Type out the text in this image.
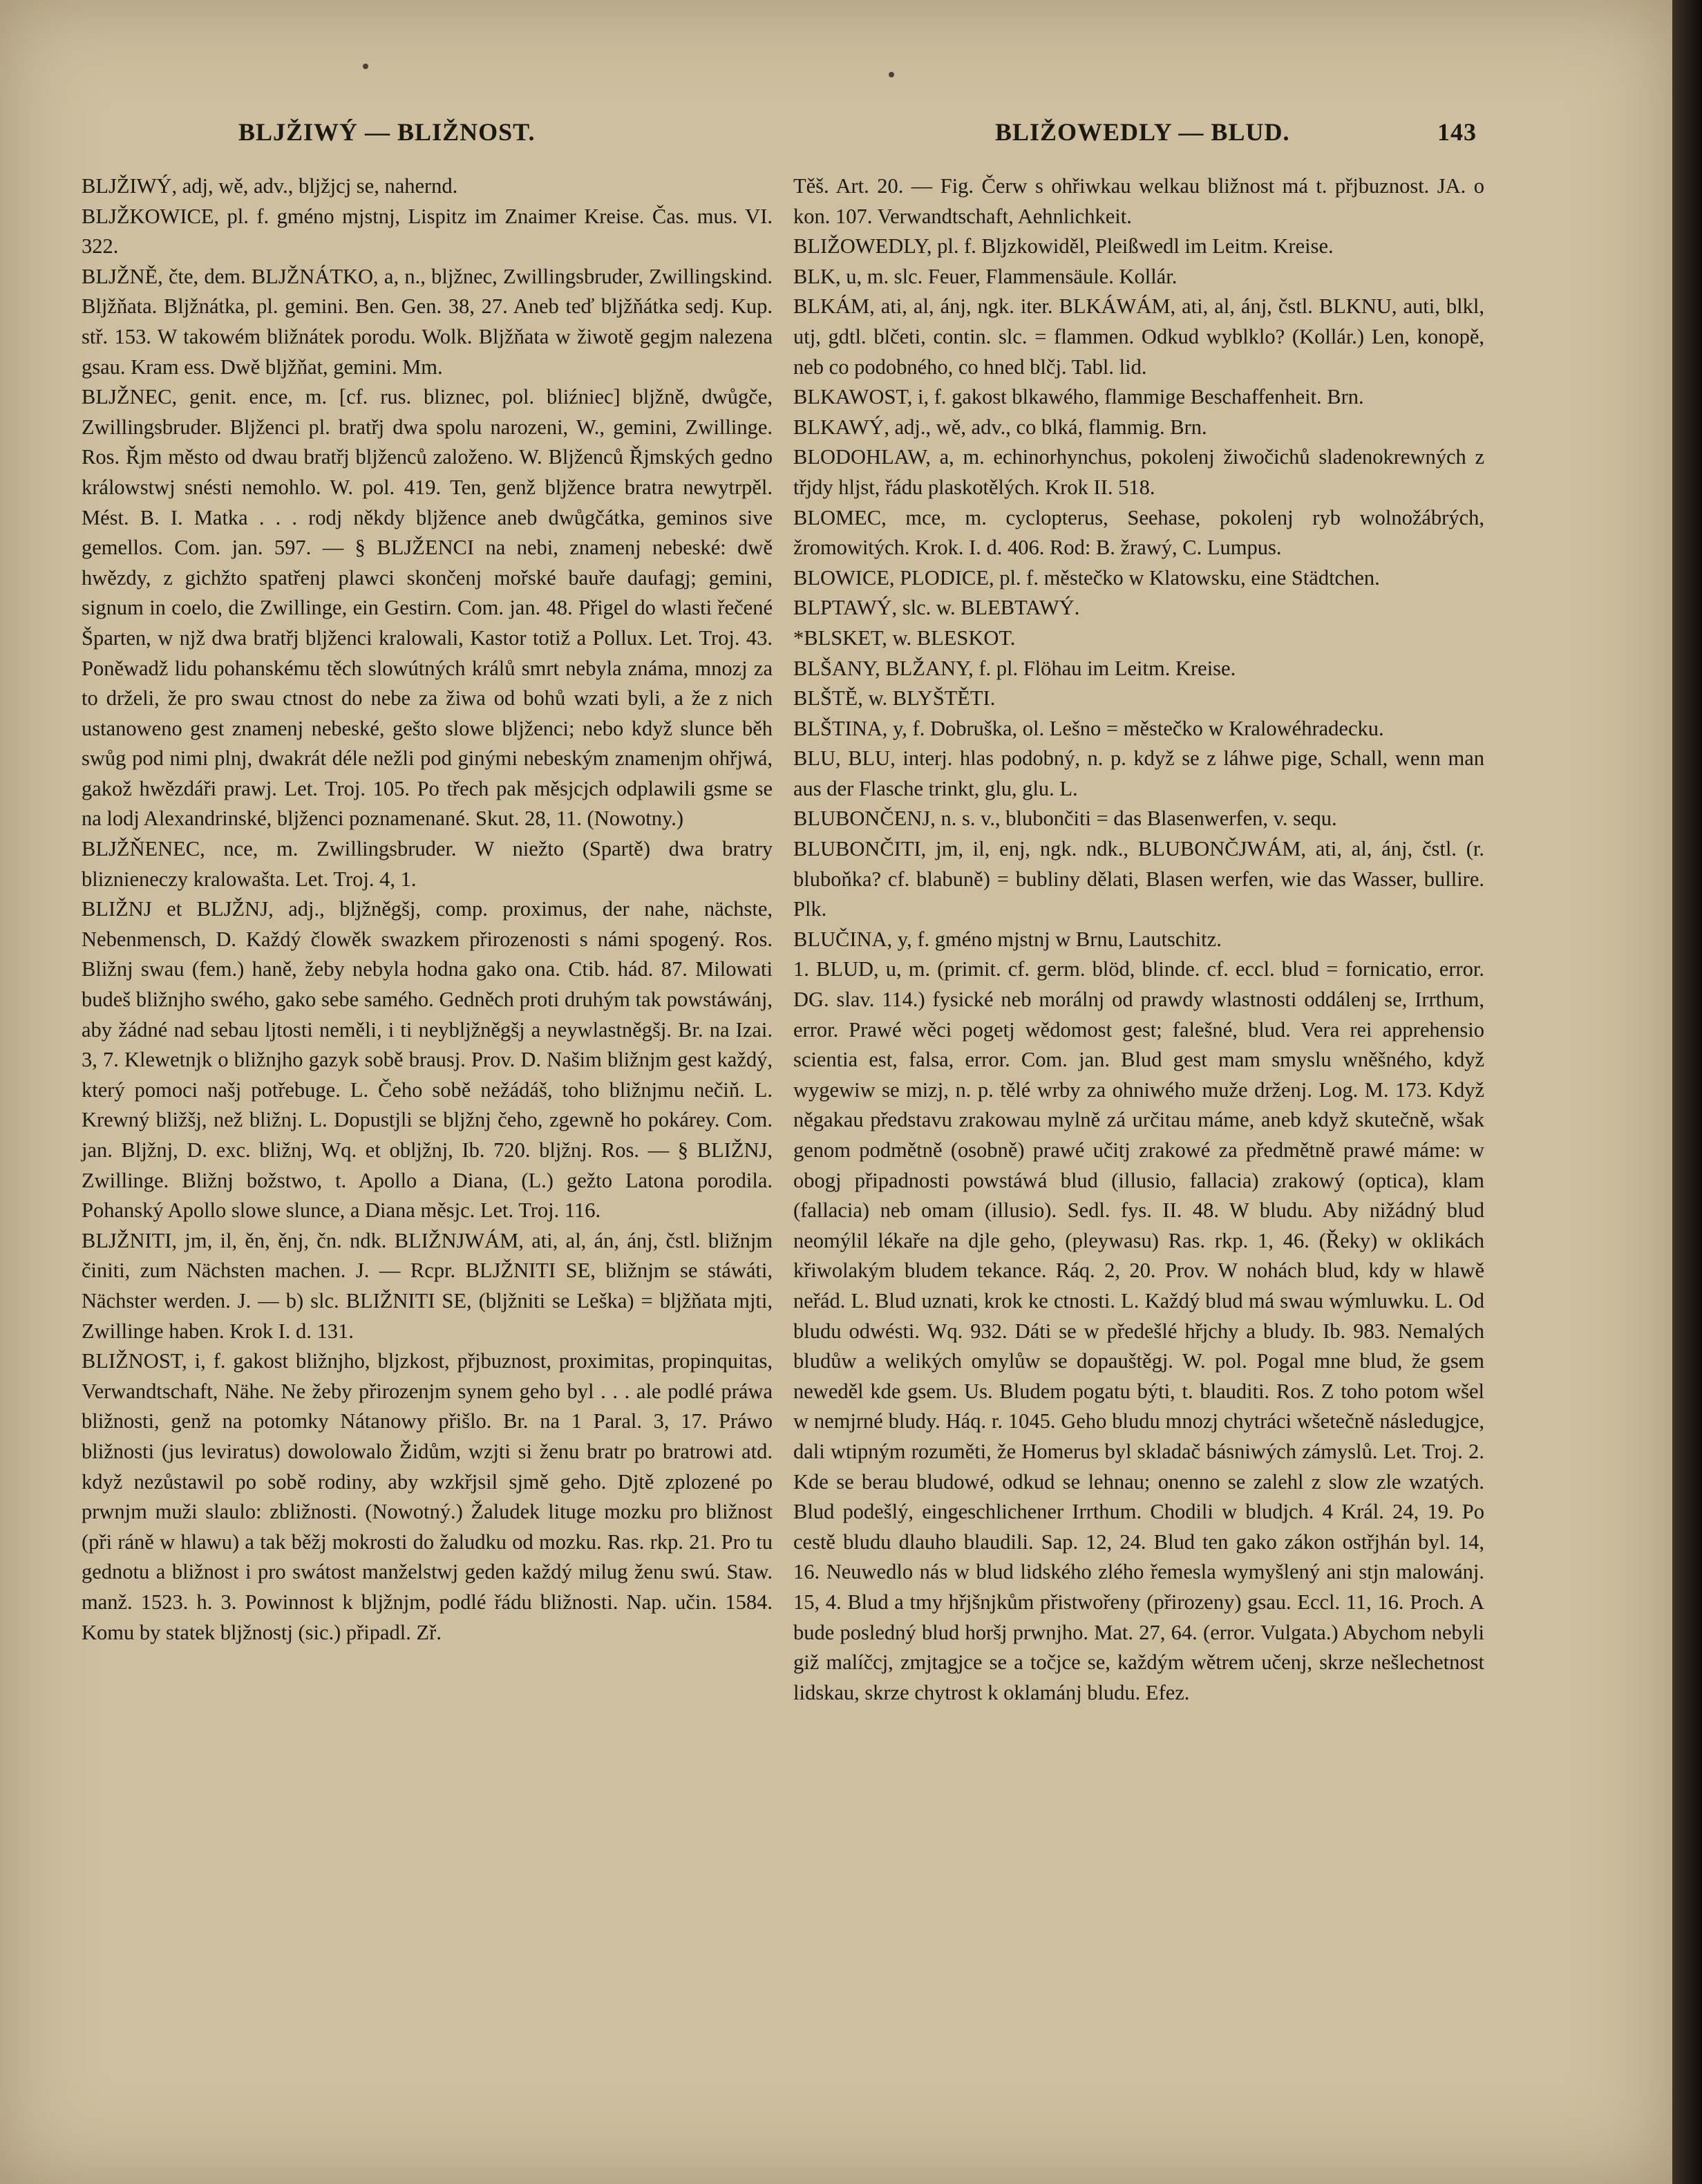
BLJŽIWÝ — BLIŽNOST.	BLIŽOWEDLY — BLUD.	143

BLJŽIWÝ, adj, wě, adv., bljžjcj se, nahernd.

BLJŽKOWICE, pl. f. gméno mjstnj, Lispitz im Znaimer Kreise. Čas. mus. VI. 322.

BLJŽNĚ, čte, dem. BLJŽNÁTKO, a, n., bljžnec, Zwillingsbruder, Zwillingskind. Bljžňata. Bljžnátka, pl. gemini. Ben. Gen. 38, 27. Aneb teď bljžňátka sedj. Kup. stř. 153. W takowém bližnátek porodu. Wolk. Bljžňata w žiwotě gegjm nalezena gsau. Kram ess. Dwě bljžňat, gemini. Mm.

BLJŽNEC, genit. ence, m. [cf. rus. bliznec, pol. bliźniec] bljžně, dwůgče, Zwillingsbruder. Bljženci pl. bratřj dwa spolu narozeni, W., gemini, Zwillinge. Ros. Řjm město od dwau bratřj bljženců založeno. W. Bljženců Řjmských gedno králowstwj snésti nemohlo. W. pol. 419. Ten, genž bljžence bratra newytrpěl. Mést. B. I. Matka . . . rodj někdy bljžence aneb dwůgčátka, geminos sive gemellos. Com. jan. 597. — § BLJŽENCI na nebi, znamenj nebeské: dwě hwězdy, z gichžto spatřenj plawci skončenj mořské bauře daufagj; gemini, signum in coelo, die Zwillinge, ein Gestirn. Com. jan. 48. Přigel do wlasti řečené Šparten, w njž dwa bratřj bljženci kralowali, Kastor totiž a Pollux. Let. Troj. 43. Poněwadž lidu pohanskému těch slowútných králů smrt nebyla známa, mnozj za to drželi, že pro swau ctnost do nebe za žiwa od bohů wzati byli, a že z nich ustanoweno gest znamenj nebeské, gešto slowe bljženci; nebo když slunce běh swůg pod nimi plnj, dwakrát déle nežli pod ginými nebeským znamenjm ohřjwá, gakož hwězdáři prawj. Let. Troj. 105. Po třech pak měsjcjch odplawili gsme se na lodj Alexandrinské, bljženci poznamenané. Skut. 28, 11. (Nowotny.)

BLJŽŇENEC, nce, m. Zwillingsbruder. W niežto (Spartě) dwa bratry bliznieneczy kralowašta. Let. Troj. 4, 1.

BLIŽNJ et BLJŽNJ, adj., bljžněgšj, comp. proximus, der nahe, nächste, Nebenmensch, D. Každý člowěk swazkem přirozenosti s námi spogený. Ros. Bližnj swau (fem.) haně, žeby nebyla hodna gako ona. Ctib. hád. 87. Milowati budeš bližnjho swého, gako sebe samého. Gedněch proti druhým tak powstáwánj, aby žádné nad sebau ljtosti neměli, i ti neybljžněgšj a neywlastněgšj. Br. na Izai. 3, 7. Klewetnjk o bližnjho gazyk sobě brausj. Prov. D. Našim bližnjm gest každý, který pomoci našj potřebuge. L. Čeho sobě nežádáš, toho bližnjmu nečiň. L. Krewný bližšj, než bližnj. L. Dopustjli se bljžnj čeho, zgewně ho pokárey. Com. jan. Bljžnj, D. exc. bližnj, Wq. et obljžnj, Ib. 720. bljžnj. Ros. — § BLIŽNJ, Zwillinge. Bližnj božstwo, t. Apollo a Diana, (L.) gežto Latona porodila. Pohanský Apollo slowe slunce, a Diana měsjc. Let. Troj. 116.

BLJŽNITI, jm, il, ěn, ěnj, čn. ndk. BLIŽNJWÁM, ati, al, án, ánj, čstl. bližnjm činiti, zum Nächsten machen. J. — Rcpr. BLJŽNITI SE, bližnjm se stáwáti, Nächster werden. J. — b) slc. BLIŽNITI SE, (bljžniti se Leška) = bljžňata mjti, Zwillinge haben. Krok I. d. 131.

BLIŽNOST, i, f. gakost bližnjho, bljzkost, přjbuznost, proximitas, propinquitas, Verwandtschaft, Nähe. Ne žeby přirozenjm synem geho byl . . . ale podlé práwa bližnosti, genž na potomky Nátanowy přišlo. Br. na 1 Paral. 3, 17. Práwo bližnosti (jus leviratus) dowolowalo Židům, wzjti si ženu bratr po bratrowi atd. když nezůstawil po sobě rodiny, aby wzkřjsil sjmě geho. Djtě zplozené po prwnjm muži slaulo: zbližnosti. (Nowotný.) Žaludek lituge mozku pro bližnost (při ráně w hlawu) a tak běžj mokrosti do žaludku od mozku. Ras. rkp. 21. Pro tu gednotu a bližnost i pro swátost manželstwj geden každý milug ženu swú. Staw. manž. 1523. h. 3. Powinnost k bljžnjm, podlé řádu bližnosti. Nap. učin. 1584. Komu by statek bljžnostj (sic.) připadl. Zř.

Těš. Art. 20. — Fig. Čerw s ohřiwkau welkau bližnost má t. přjbuznost. JA. o kon. 107. Verwandtschaft, Aehnlichkeit.

BLIŽOWEDLY, pl. f. Bljzkowiděl, Pleißwedl im Leitm. Kreise.

BLK, u, m. slc. Feuer, Flammensäule. Kollár.

BLKÁM, ati, al, ánj, ngk. iter. BLKÁWÁM, ati, al, ánj, čstl. BLKNU, auti, blkl, utj, gdtl. blčeti, contin. slc. = flammen. Odkud wyblklo? (Kollár.) Len, konopě, neb co podobného, co hned blčj. Tabl. lid.

BLKAWOST, i, f. gakost blkawého, flammige Beschaffenheit. Brn.

BLKAWÝ, adj., wě, adv., co blká, flammig. Brn.

BLODOHLAW, a, m. echinorhynchus, pokolenj žiwočichů sladenokrewných z třjdy hljst, řádu plaskotělých. Krok II. 518.

BLOMEC, mce, m. cyclopterus, Seehase, pokolenj ryb wolnožábrých, žromowitých. Krok. I. d. 406. Rod: B. žrawý, C. Lumpus.

BLOWICE, PLODICE, pl. f. městečko w Klatowsku, eine Städtchen.

BLPTAWÝ, slc. w. BLEBTAWÝ.

*BLSKET, w. BLESKOT.

BLŠANY, BLŽANY, f. pl. Flöhau im Leitm. Kreise.

BLŠTĚ, w. BLYŠTĚTI.

BLŠTINA, y, f. Dobruška, ol. Lešno = městečko w Kralowéhradecku.

BLU, BLU, interj. hlas podobný, n. p. když se z láhwe pige, Schall, wenn man aus der Flasche trinkt, glu, glu. L.

BLUBONČENJ, n. s. v., blubončiti = das Blasenwerfen, v. sequ.

BLUBONČITI, jm, il, enj, ngk. ndk., BLUBONČJWÁM, ati, al, ánj, čstl. (r. bluboňka? cf. blabuně) = bubliny dělati, Blasen werfen, wie das Wasser, bullire. Plk.

BLUČINA, y, f. gméno mjstnj w Brnu, Lautschitz.

1. BLUD, u, m. (primit. cf. germ. blöd, blinde. cf. eccl. blud = fornicatio, error. DG. slav. 114.) fysické neb morálnj od prawdy wlastnosti oddálenj se, Irrthum, error. Prawé wěci pogetj wědomost gest; falešné, blud. Vera rei apprehensio scientia est, falsa, error. Com. jan. Blud gest mam smyslu wněšného, když wygewiw se mizj, n. p. tělé wrby za ohniwého muže drženj. Log. M. 173. Když něgakau představu zrakowau mylně zá určitau máme, aneb když skutečně, wšak genom podmětně (osobně) prawé učitj zrakowé za předmětně prawé máme: w obogj připadnosti powstáwá blud (illusio, fallacia) zrakowý (optica), klam (fallacia) neb omam (illusio). Sedl. fys. II. 48. W bludu. Aby nižádný blud neomýlil lékaře na djle geho, (pleywasu) Ras. rkp. 1, 46. (Řeky) w oklikách křiwolakým bludem tekance. Ráq. 2, 20. Prov. W nohách blud, kdy w hlawě neřád. L. Blud uznati, krok ke ctnosti. L. Každý blud má swau wýmluwku. L. Od bludu odwésti. Wq. 932. Dáti se w předešlé hřjchy a bludy. Ib. 983. Nemalých bludůw a welikých omylůw se dopauštěgj. W. pol. Pogal mne blud, že gsem neweděl kde gsem. Us. Bludem pogatu býti, t. blauditi. Ros. Z toho potom wšel w nemjrné bludy. Háq. r. 1045. Geho bludu mnozj chytráci wšetečně následugjce, dali wtipným rozuměti, že Homerus byl skladač básniwých zámyslů. Let. Troj. 2. Kde se berau bludowé, odkud se lehnau; onenno se zalehl z slow zle wzatých. Blud podešlý, eingeschlichener Irrthum. Chodili w bludjch. 4 Král. 24, 19. Po cestě bludu dlauho blaudili. Sap. 12, 24. Blud ten gako zákon ostřjhán byl. 14, 16. Neuwedlo nás w blud lidského zlého řemesla wymyšlený ani stjn malowánj. 15, 4. Blud a tmy hřjšnjkům přistwořeny (přirozeny) gsau. Eccl. 11, 16. Proch. A bude posledný blud horšj prwnjho. Mat. 27, 64. (error. Vulgata.) Abychom nebyli giž malíčcj, zmjtagjce se a točjce se, každým wětrem učenj, skrze nešlechetnost lidskau, skrze chytrost k oklamánj bludu. Efez.
